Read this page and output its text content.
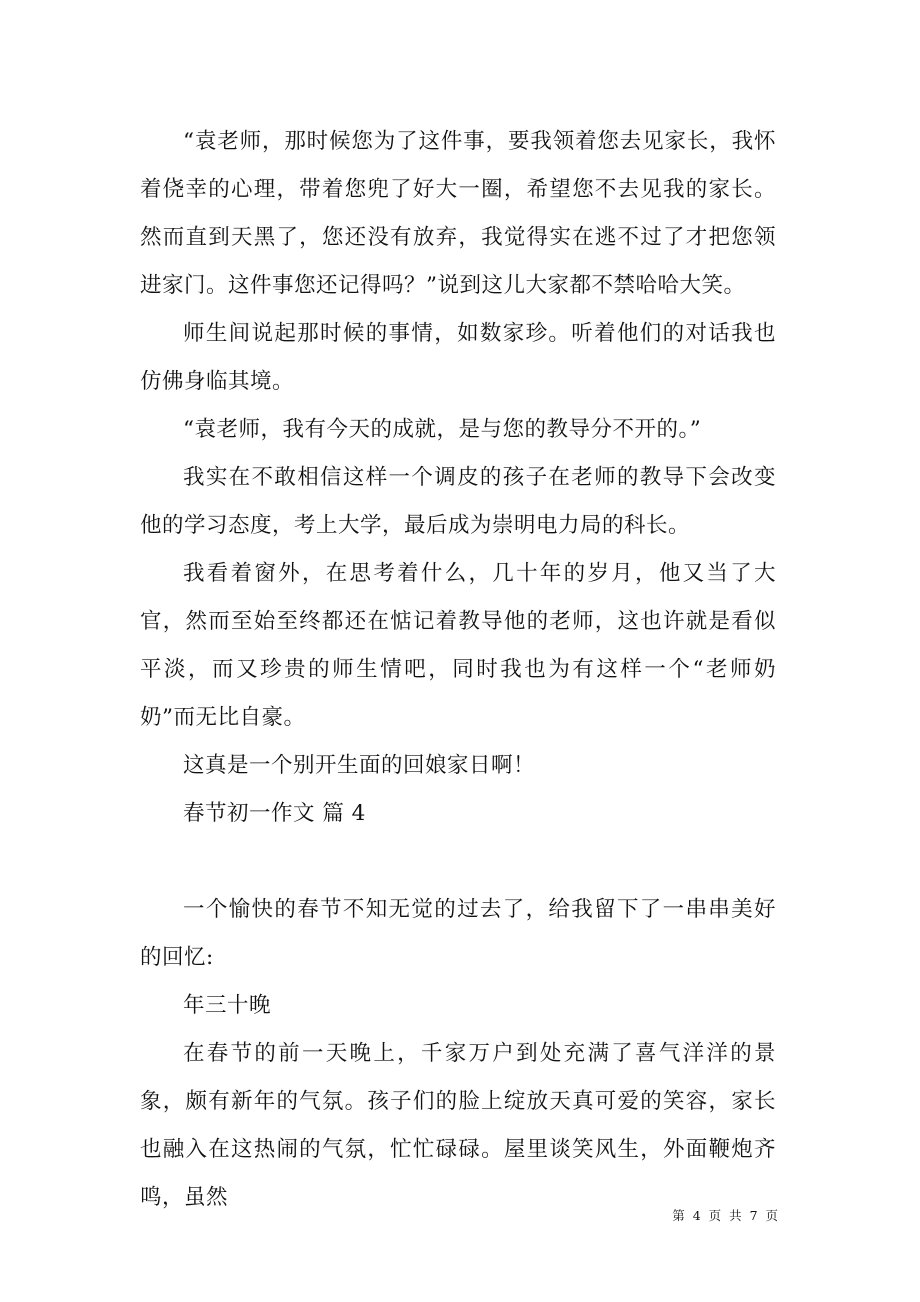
“袁老师，那时候您为了这件事，要我领着您去见家长，我怀着侥幸的心理，带着您兜了好大一圈，希望您不去见我的家长。然而直到天黑了，您还没有放弃，我觉得实在逃不过了才把您领进家门。这件事您还记得吗？”说到这儿大家都不禁哈哈大笑。

师生间说起那时候的事情，如数家珍。听着他们的对话我也仿佛身临其境。

“袁老师，我有今天的成就，是与您的教导分不开的。”

我实在不敢相信这样一个调皮的孩子在老师的教导下会改变他的学习态度，考上大学，最后成为崇明电力局的科长。

我看着窗外，在思考着什么，几十年的岁月，他又当了大官，然而至始至终都还在惦记着教导他的老师，这也许就是看似平淡，而又珍贵的师生情吧，同时我也为有这样一个“老师奶奶”而无比自豪。

这真是一个别开生面的回娘家日啊！

春节初一作文 篇 4

一个愉快的春节不知无觉的过去了，给我留下了一串串美好的回忆:

年三十晚

在春节的前一天晚上，千家万户到处充满了喜气洋洋的景象，颇有新年的气氛。孩子们的脸上绽放天真可爱的笑容，家长也融入在这热闹的气氛，忙忙碌碌。屋里谈笑风生，外面鞭炮齐鸣，虽然

第 4 页 共 7 页
